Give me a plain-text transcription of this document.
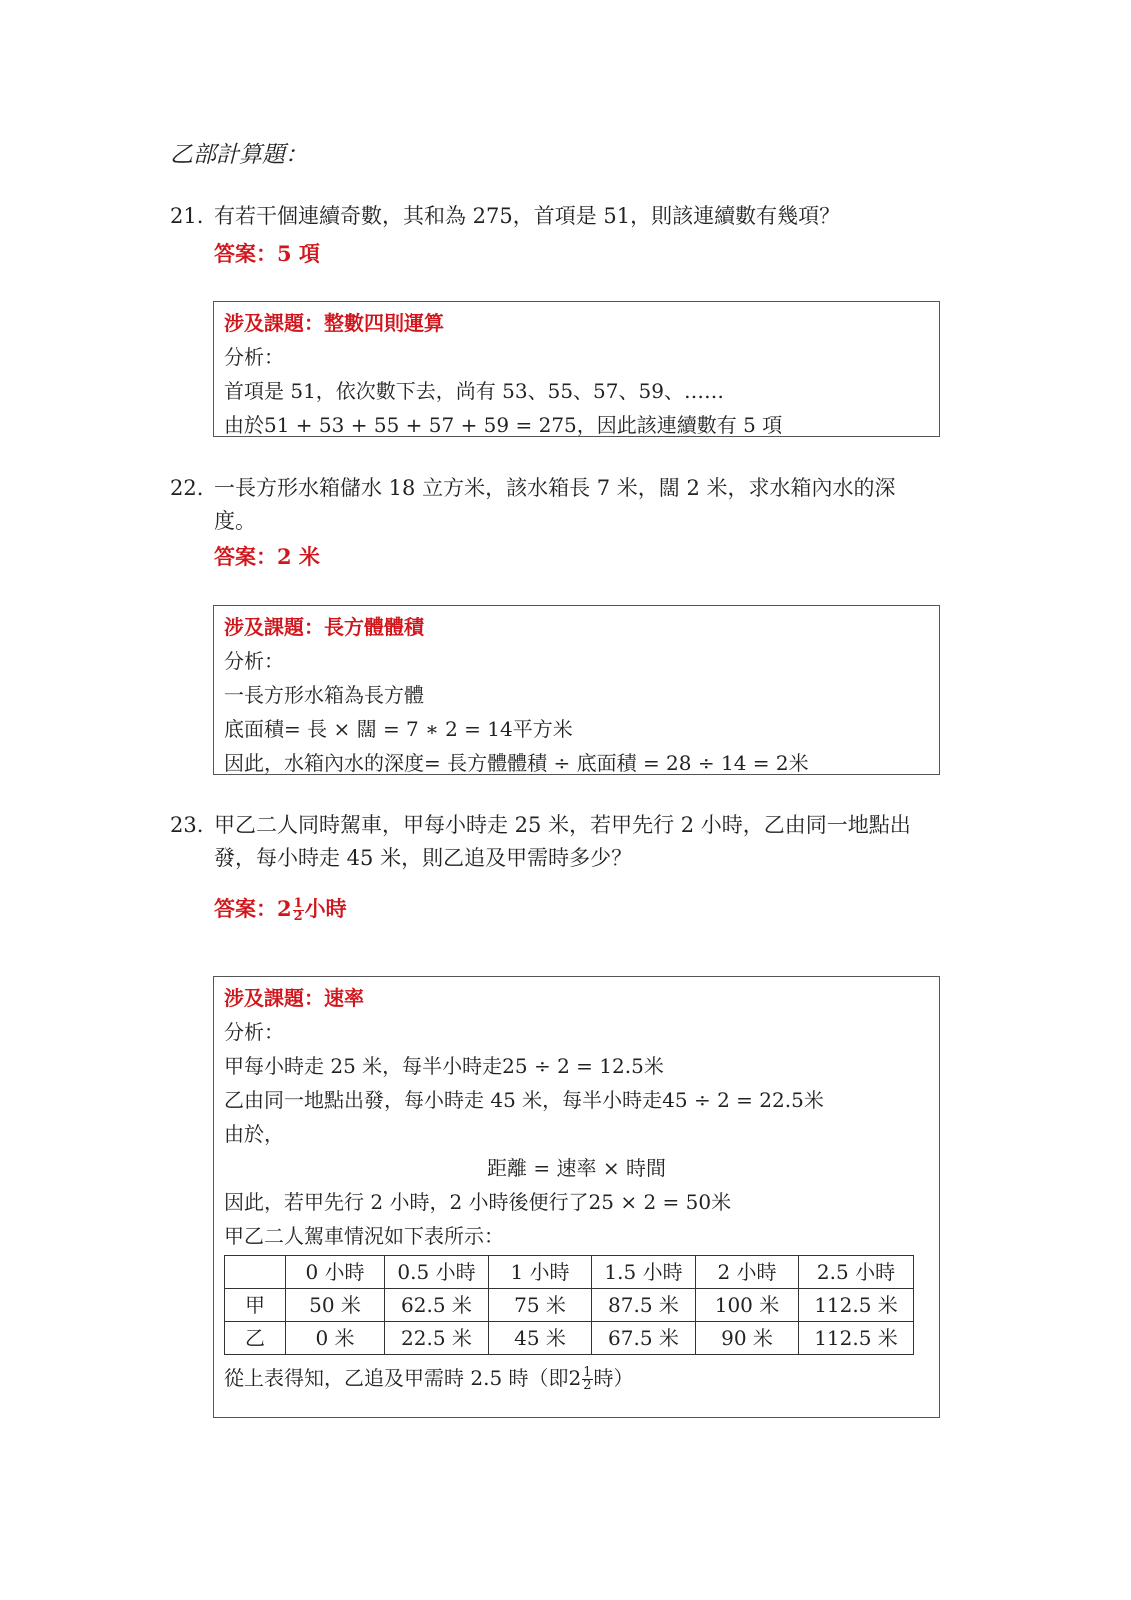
乙部計算題：
21. 有若干個連續奇數，其和為 275，首項是 51，則該連續數有幾項？
答案：5 項
涉及課題：整數四則運算
分析：
首項是 51，依次數下去，尚有 53、55、57、59、……
由於51 + 53 + 55 + 57 + 59 = 275，因此該連續數有 5 項
22. 一長方形水箱儲水 18 立方米，該水箱長 7 米，闊 2 米，求水箱內水的深
度。
答案：2 米
涉及課題：長方體體積
分析：
一長方形水箱為長方體
底面積= 長 × 闊 = 7 ∗ 2 = 14平方米
因此，水箱內水的深度= 長方體體積 ÷ 底面積 = 28 ÷ 14 = 2米
23. 甲乙二人同時駕車，甲每小時走 25 米，若甲先行 2 小時，乙由同一地點出
發，每小時走 45 米，則乙追及甲需時多少？
答案：$2 \frac{1}{2}$ 小時
涉及課題：速率
分析：
甲每小時走 25 米，每半小時走25 ÷ 2 = 12.5米
乙由同一地點出發，每小時走 45 米，每半小時走45 ÷ 2 = 22.5米
由於，
距離 = 速率 × 時間
因此，若甲先行 2 小時，2 小時後便行了25 × 2 = 50米
甲乙二人駕車情況如下表所示：
	0 小時	0.5 小時	1 小時	1.5 小時	2 小時	2.5 小時
甲	50 米	62.5 米	75 米	87.5 米	100 米	112.5 米
乙	0 米	22.5 米	45 米	67.5 米	90 米	112.5 米
從上表得知，乙追及甲需時 2.5 時（即$2 \frac{1}{2}$ 時）
